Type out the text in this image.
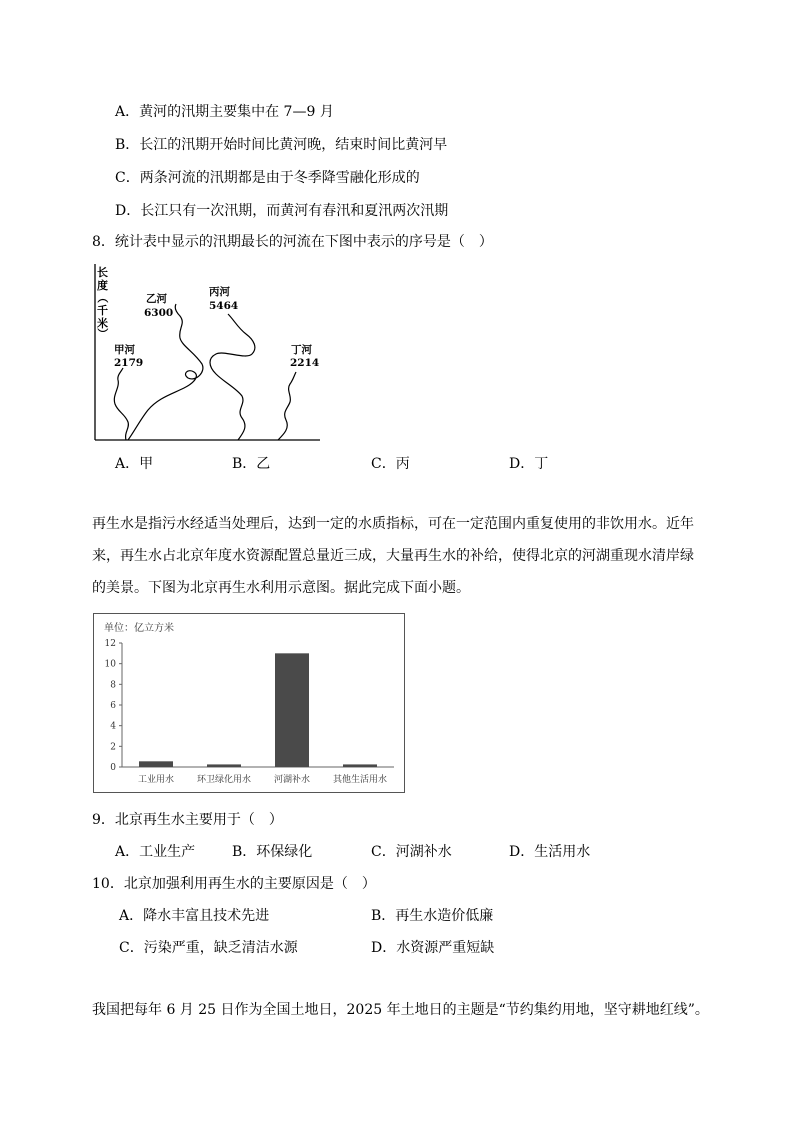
A．黄河的汛期主要集中在 7—9 月
B．长江的汛期开始时间比黄河晚，结束时间比黄河早
C．两条河流的汛期都是由于冬季降雪融化形成的
D．长江只有一次汛期，而黄河有春汛和夏汛两次汛期
8．统计表中显示的汛期最长的河流在下图中表示的序号是（　）
长
度
（
千
米
）
甲河
2179
乙河
6300
丙河
5464
丁河
2214
A．甲	B．乙	C．丙	D．丁
再生水是指污水经适当处理后，达到一定的水质指标，可在一定范围内重复使用的非饮用水。近年来，再生水占北京年度水资源配置总量近三成，大量再生水的补给，使得北京的河湖重现水清岸绿的美景。下图为北京再生水利用示意图。据此完成下面小题。
单位：亿立方米
0
2
4
6
8
10
12
工业用水	环卫绿化用水	河湖补水	其他生活用水
9．北京再生水主要用于（　）
A．工业生产	B．环保绿化	C．河湖补水	D．生活用水
10．北京加强利用再生水的主要原因是（　）
A．降水丰富且技术先进	B．再生水造价低廉
C．污染严重，缺乏清洁水源	D．水资源严重短缺
我国把每年 6 月 25 日作为全国土地日，2025 年土地日的主题是“节约集约用地，坚守耕地红线”。
